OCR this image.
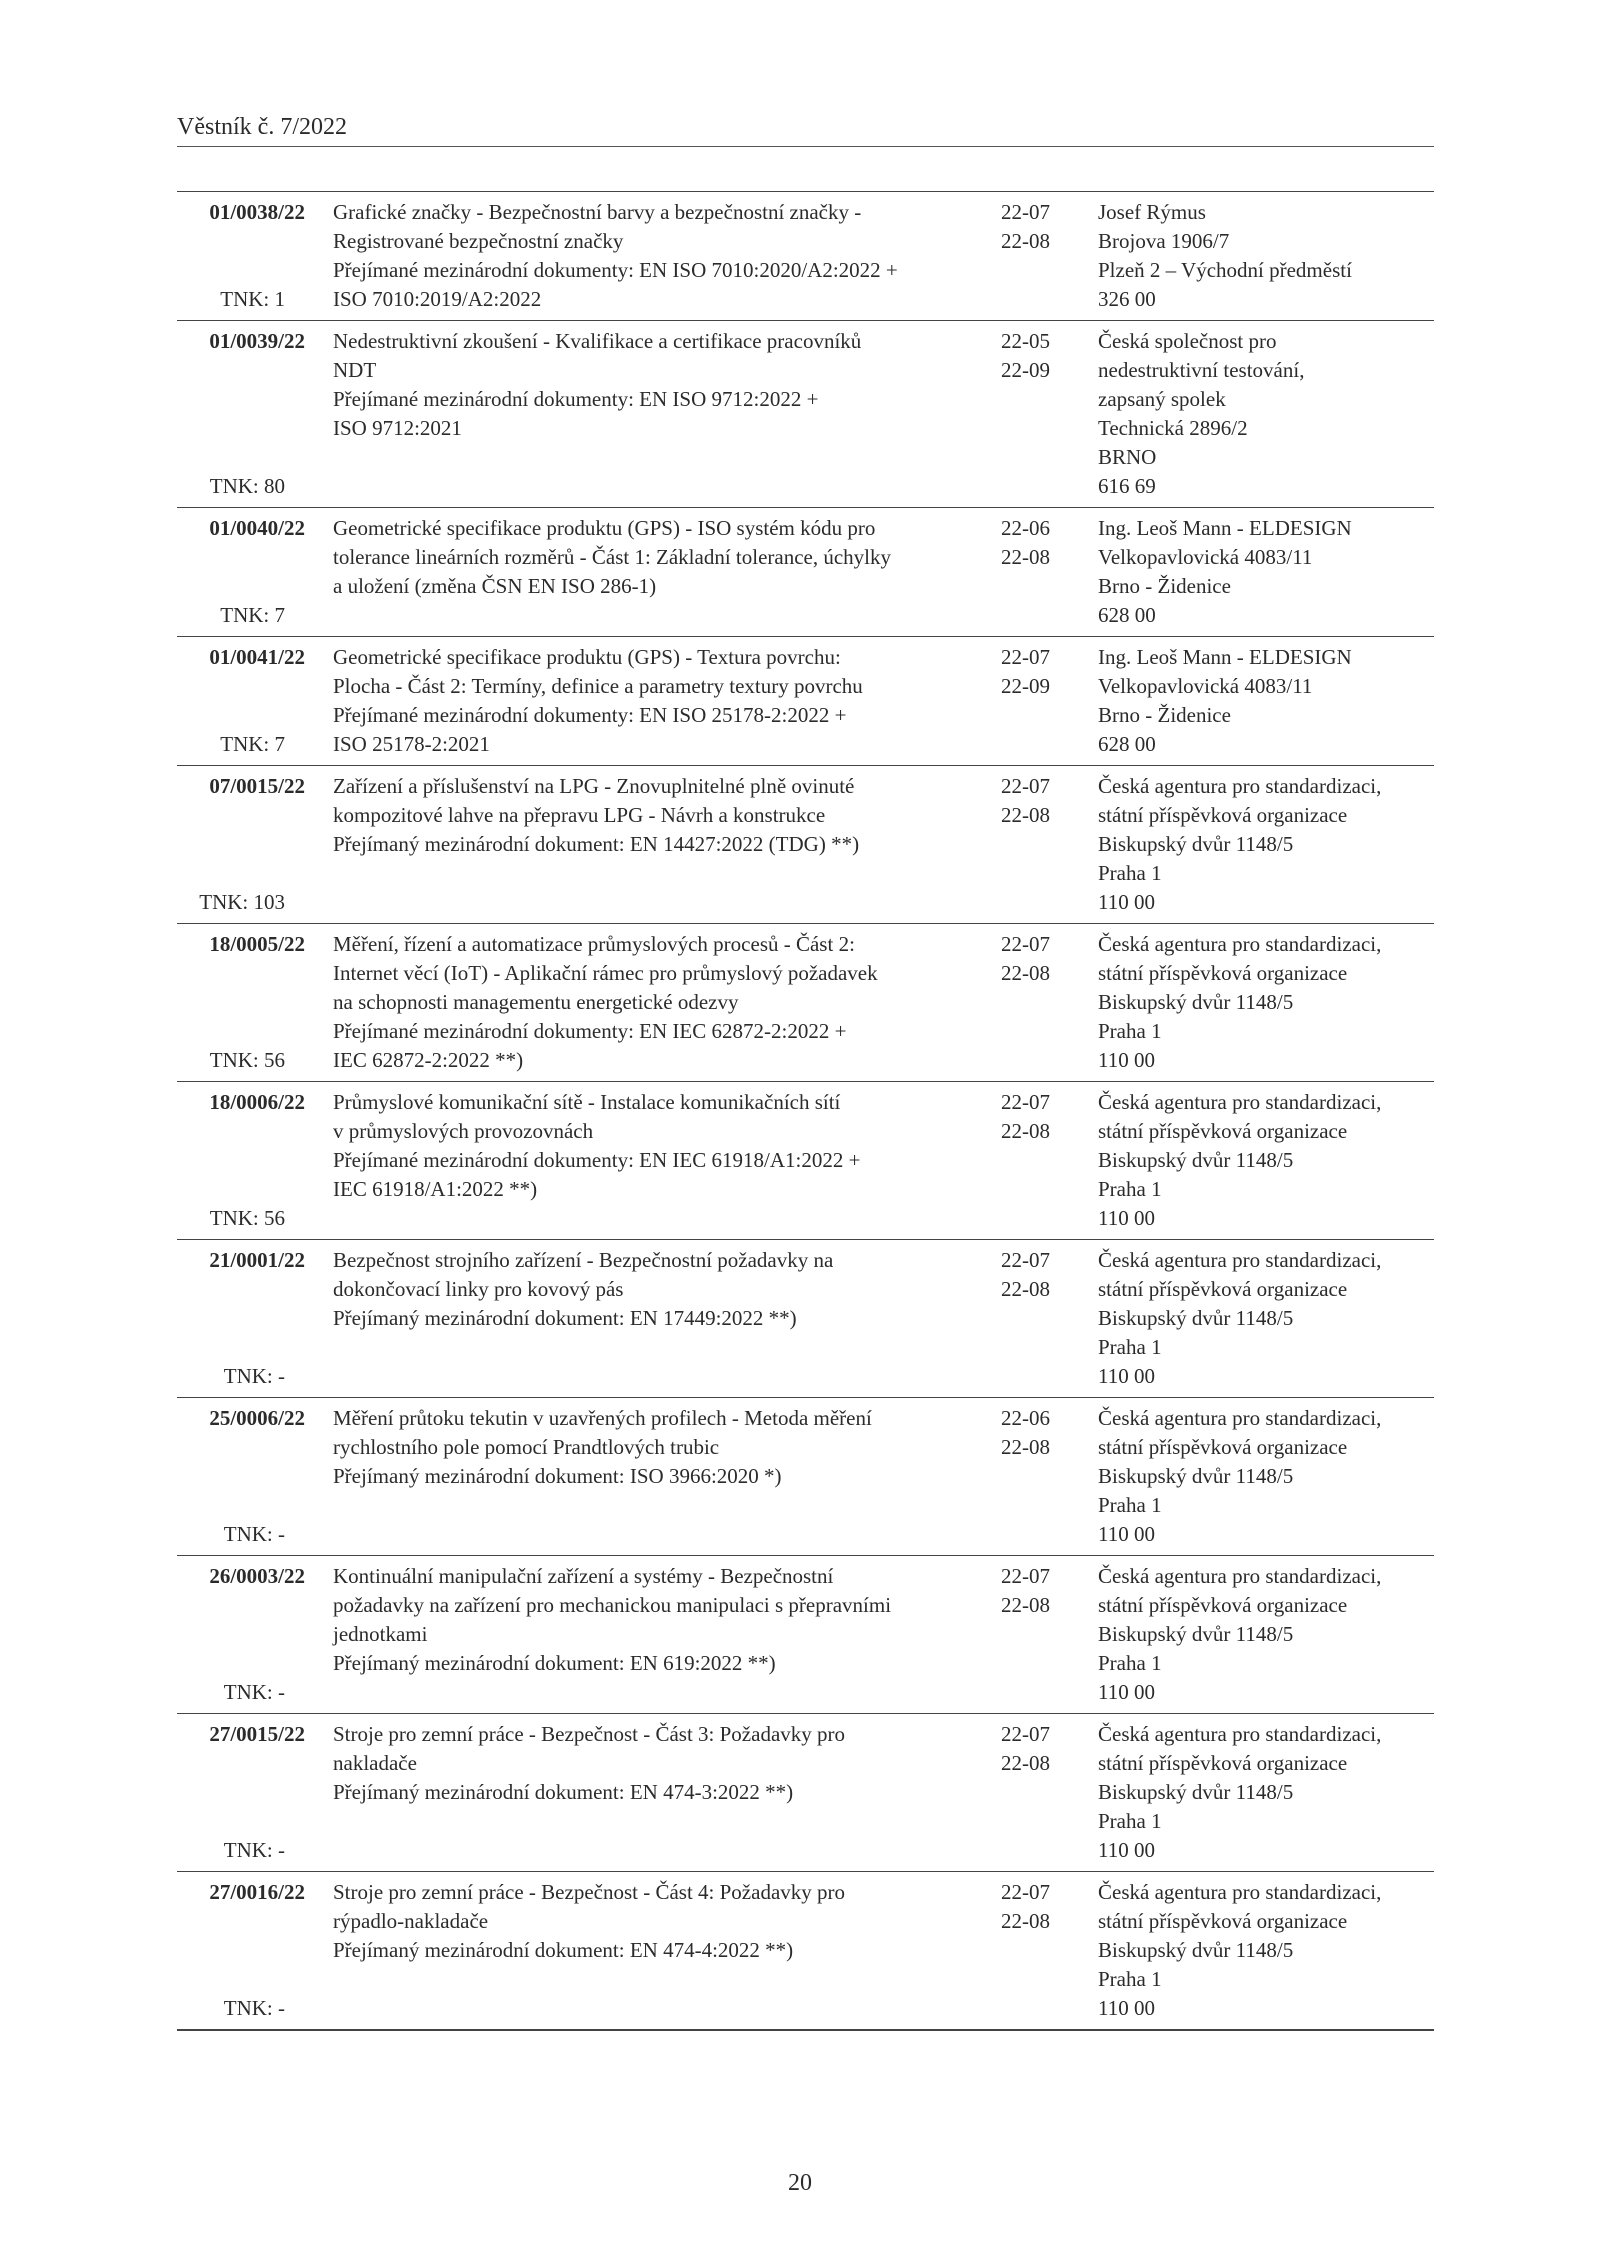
Věstník č. 7/2022
01/0038/22
TNK: 1
Grafické značky - Bezpečnostní barvy a bezpečnostní značky -
Registrované bezpečnostní značky
Přejímané mezinárodní dokumenty: EN ISO 7010:2020/A2:2022 +
ISO 7010:2019/A2:2022
22-07
22-08
Josef Rýmus
Brojova 1906/7
Plzeň 2 – Východní předměstí
326 00
01/0039/22
TNK: 80
Nedestruktivní zkoušení - Kvalifikace a certifikace pracovníků
NDT
Přejímané mezinárodní dokumenty: EN ISO 9712:2022 +
ISO 9712:2021
22-05
22-09
Česká společnost pro
nedestruktivní testování,
zapsaný spolek
Technická 2896/2
BRNO
616 69
01/0040/22
TNK: 7
Geometrické specifikace produktu (GPS) - ISO systém kódu pro
tolerance lineárních rozměrů - Část 1: Základní tolerance, úchylky
a uložení (změna ČSN EN ISO 286-1)
22-06
22-08
Ing. Leoš Mann - ELDESIGN
Velkopavlovická 4083/11
Brno - Židenice
628 00
01/0041/22
TNK: 7
Geometrické specifikace produktu (GPS) - Textura povrchu:
Plocha - Část 2: Termíny, definice a parametry textury povrchu
Přejímané mezinárodní dokumenty: EN ISO 25178-2:2022 +
ISO 25178-2:2021
22-07
22-09
Ing. Leoš Mann - ELDESIGN
Velkopavlovická 4083/11
Brno - Židenice
628 00
07/0015/22
TNK: 103
Zařízení a příslušenství na LPG - Znovuplnitelné plně ovinuté
kompozitové lahve na přepravu LPG - Návrh a konstrukce
Přejímaný mezinárodní dokument: EN 14427:2022 (TDG) **)
22-07
22-08
Česká agentura pro standardizaci,
státní příspěvková organizace
Biskupský dvůr 1148/5
Praha 1
110 00
18/0005/22
TNK: 56
Měření, řízení a automatizace průmyslových procesů - Část 2:
Internet věcí (IoT) - Aplikační rámec pro průmyslový požadavek
na schopnosti managementu energetické odezvy
Přejímané mezinárodní dokumenty: EN IEC 62872-2:2022 +
IEC 62872-2:2022 **)
22-07
22-08
Česká agentura pro standardizaci,
státní příspěvková organizace
Biskupský dvůr 1148/5
Praha 1
110 00
18/0006/22
TNK: 56
Průmyslové komunikační sítě - Instalace komunikačních sítí
v průmyslových provozovnách
Přejímané mezinárodní dokumenty: EN IEC 61918/A1:2022 +
IEC 61918/A1:2022 **)
22-07
22-08
Česká agentura pro standardizaci,
státní příspěvková organizace
Biskupský dvůr 1148/5
Praha 1
110 00
21/0001/22
TNK: -
Bezpečnost strojního zařízení - Bezpečnostní požadavky na
dokončovací linky pro kovový pás
Přejímaný mezinárodní dokument: EN 17449:2022 **)
22-07
22-08
Česká agentura pro standardizaci,
státní příspěvková organizace
Biskupský dvůr 1148/5
Praha 1
110 00
25/0006/22
TNK: -
Měření průtoku tekutin v uzavřených profilech - Metoda měření
rychlostního pole pomocí Prandtlových trubic
Přejímaný mezinárodní dokument: ISO 3966:2020 *)
22-06
22-08
Česká agentura pro standardizaci,
státní příspěvková organizace
Biskupský dvůr 1148/5
Praha 1
110 00
26/0003/22
TNK: -
Kontinuální manipulační zařízení a systémy - Bezpečnostní
požadavky na zařízení pro mechanickou manipulaci s přepravními
jednotkami
Přejímaný mezinárodní dokument: EN 619:2022 **)
22-07
22-08
Česká agentura pro standardizaci,
státní příspěvková organizace
Biskupský dvůr 1148/5
Praha 1
110 00
27/0015/22
TNK: -
Stroje pro zemní práce - Bezpečnost - Část 3: Požadavky pro
nakladače
Přejímaný mezinárodní dokument: EN 474-3:2022 **)
22-07
22-08
Česká agentura pro standardizaci,
státní příspěvková organizace
Biskupský dvůr 1148/5
Praha 1
110 00
27/0016/22
TNK: -
Stroje pro zemní práce - Bezpečnost - Část 4: Požadavky pro
rýpadlo-nakladače
Přejímaný mezinárodní dokument: EN 474-4:2022 **)
22-07
22-08
Česká agentura pro standardizaci,
státní příspěvková organizace
Biskupský dvůr 1148/5
Praha 1
110 00
20
